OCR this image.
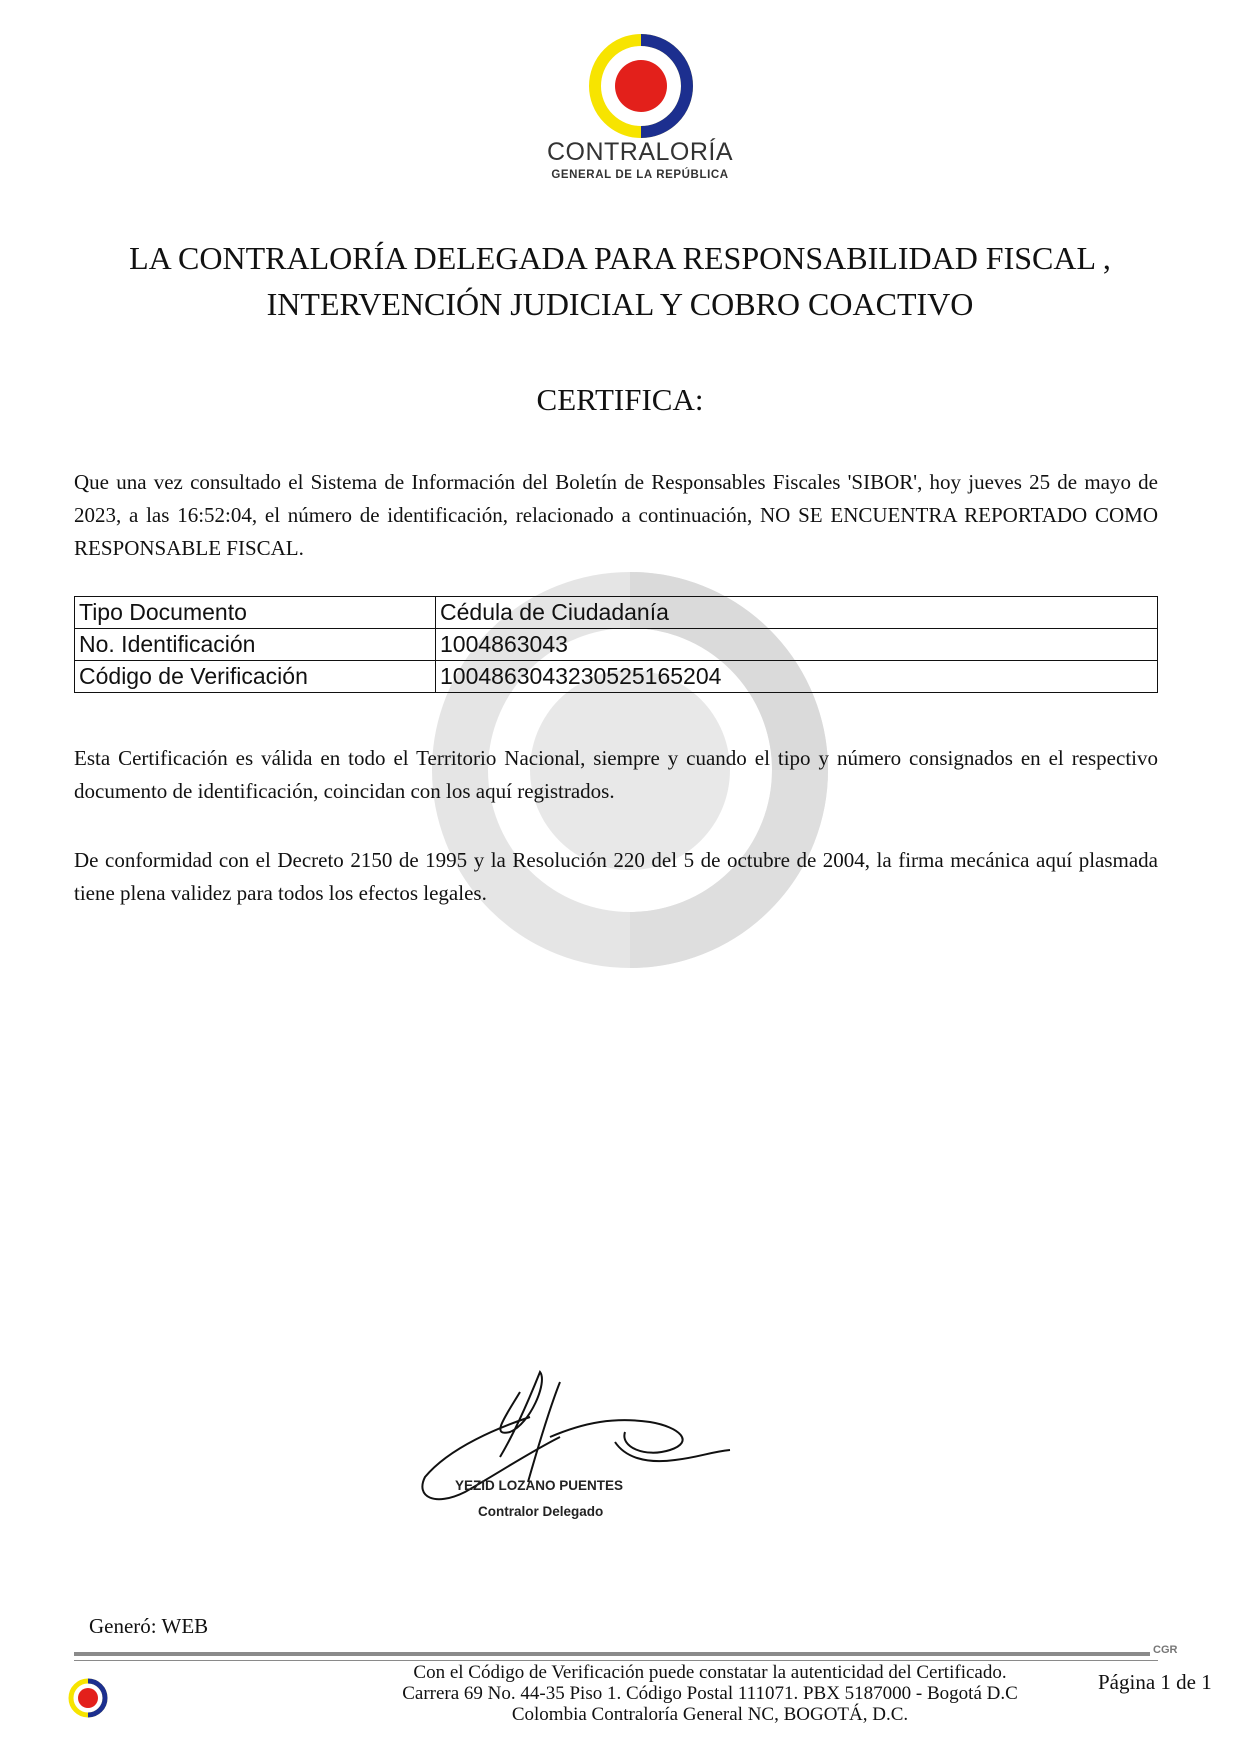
CONTRALORÍA
GENERAL DE LA REPÚBLICA
LA CONTRALORÍA DELEGADA PARA RESPONSABILIDAD FISCAL ,
INTERVENCIÓN JUDICIAL Y COBRO COACTIVO
CERTIFICA:
Que una vez consultado el Sistema de Información del Boletín de Responsables Fiscales 'SIBOR', hoy jueves 25 de mayo de 2023, a las 16:52:04, el número de identificación, relacionado a continuación, NO SE ENCUENTRA REPORTADO COMO RESPONSABLE FISCAL.
Tipo Documento	Cédula de Ciudadanía
No. Identificación	1004863043
Código de Verificación	1004863043230525165204
Esta Certificación es válida en todo el Territorio Nacional, siempre y cuando el tipo y número consignados en el respectivo documento de identificación, coincidan con los aquí registrados.
De conformidad con el Decreto 2150 de 1995 y la Resolución 220 del 5 de octubre de 2004, la firma mecánica aquí plasmada tiene plena validez para todos los efectos legales.
YEZID LOZANO PUENTES
Contralor Delegado
Generó: WEB
CGR
Con el Código de Verificación puede constatar la autenticidad del Certificado.
Carrera 69 No. 44-35 Piso 1. Código Postal 111071. PBX 5187000 - Bogotá D.C
Colombia Contraloría General NC, BOGOTÁ, D.C.
Página 1 de 1
